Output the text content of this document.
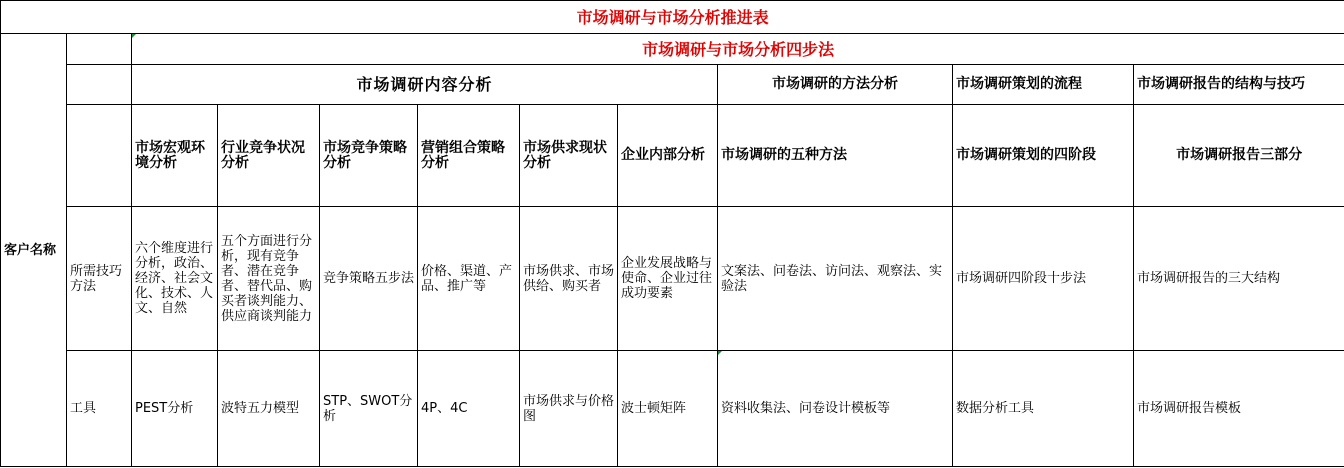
市场调研与市场分析推进表										
客户名称		市场调研与市场分析四步法								
		市场调研内容分析						市场调研的方法分析	市场调研策划的流程	市场调研报告的结构与技巧
		市场宏观环境分析	行业竞争状况分析	市场竞争策略分析	营销组合策略分析	市场供求现状分析	企业内部分析	市场调研的五种方法	市场调研策划的四阶段	市场调研报告三部分
	所需技巧方法	六个维度进行分析，政治、经济、社会文化、技术、人文、自然	五个方面进行分析，现有竞争者、潜在竞争者、替代品、购买者谈判能力、供应商谈判能力	竞争策略五步法	价格、渠道、产品、推广等	市场供求、市场供给、购买者	企业发展战略与使命、企业过往成功要素	文案法、问卷法、访问法、观察法、实验法	市场调研四阶段十步法	市场调研报告的三大结构
	工具	PEST分析	波特五力模型	STP、SWOT分析	4P、4C	市场供求与价格图	波士顿矩阵	资料收集法、问卷设计模板等	数据分析工具	市场调研报告模板
